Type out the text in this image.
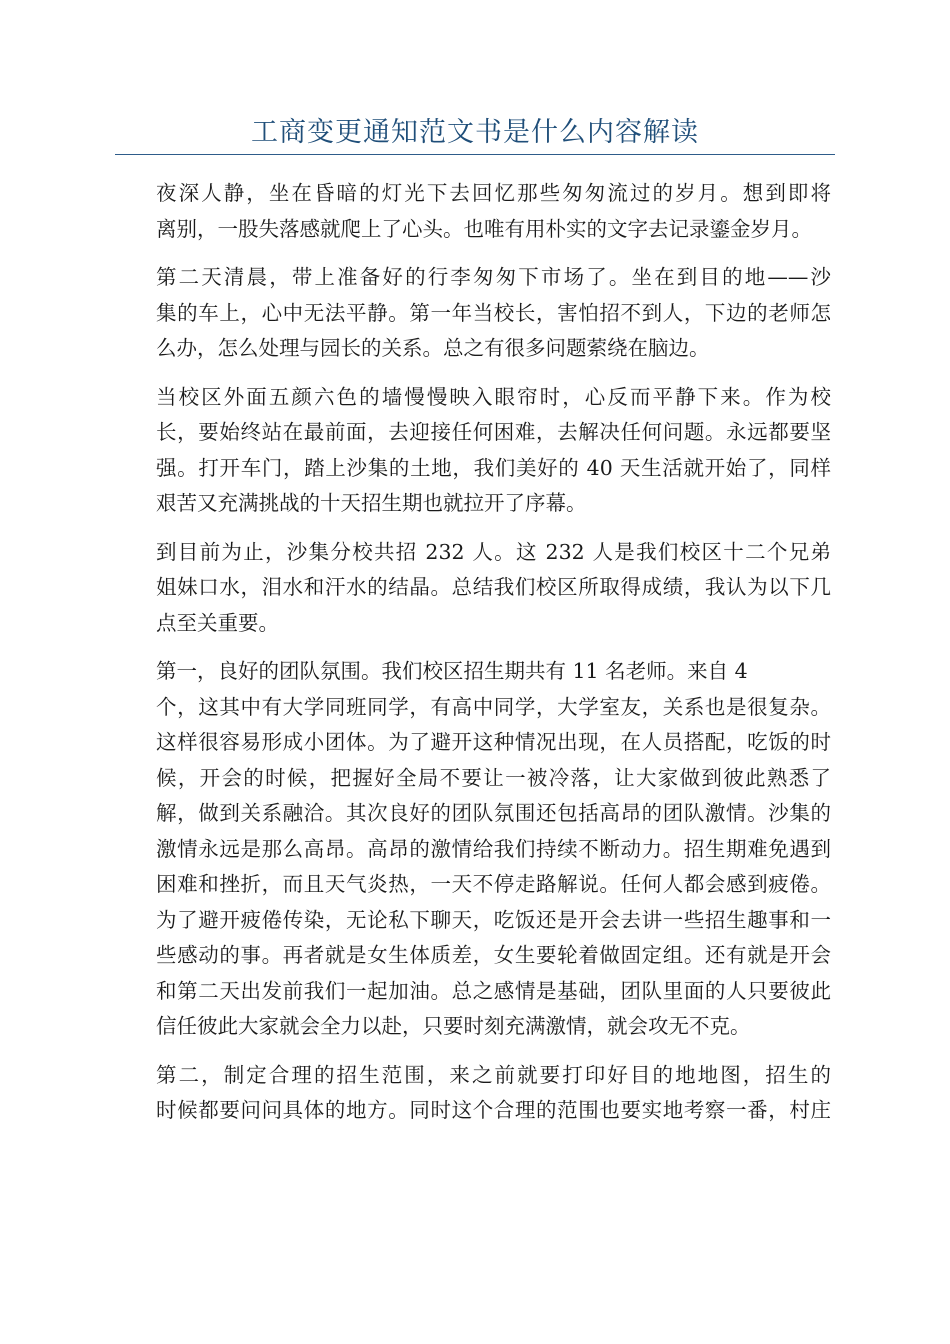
工商变更通知范文书是什么内容解读

夜深人静，坐在昏暗的灯光下去回忆那些匆匆流过的岁月。想到即将
离别，一股失落感就爬上了心头。也唯有用朴实的文字去记录鎏金岁月。

第二天清晨，带上准备好的行李匆匆下市场了。坐在到目的地——沙
集的车上，心中无法平静。第一年当校长，害怕招不到人，下边的老师怎
么办，怎么处理与园长的关系。总之有很多问题萦绕在脑边。

当校区外面五颜六色的墙慢慢映入眼帘时，心反而平静下来。作为校
长，要始终站在最前面，去迎接任何困难，去解决任何问题。永远都要坚
强。打开车门，踏上沙集的土地，我们美好的 40 天生活就开始了，同样
艰苦又充满挑战的十天招生期也就拉开了序幕。

到目前为止，沙集分校共招 232 人。这 232 人是我们校区十二个兄弟
姐妹口水，泪水和汗水的结晶。总结我们校区所取得成绩，我认为以下几
点至关重要。

第一，良好的团队氛围。我们校区招生期共有 11 名老师。来自 4
个，这其中有大学同班同学，有高中同学，大学室友，关系也是很复杂。
这样很容易形成小团体。为了避开这种情况出现，在人员搭配，吃饭的时
候，开会的时候，把握好全局不要让一被冷落，让大家做到彼此熟悉了
解，做到关系融洽。其次良好的团队氛围还包括高昂的团队激情。沙集的
激情永远是那么高昂。高昂的激情给我们持续不断动力。招生期难免遇到
困难和挫折，而且天气炎热，一天不停走路解说。任何人都会感到疲倦。
为了避开疲倦传染，无论私下聊天，吃饭还是开会去讲一些招生趣事和一
些感动的事。再者就是女生体质差，女生要轮着做固定组。还有就是开会
和第二天出发前我们一起加油。总之感情是基础，团队里面的人只要彼此
信任彼此大家就会全力以赴，只要时刻充满激情，就会攻无不克。

第二，制定合理的招生范围，来之前就要打印好目的地地图，招生的
时候都要问问具体的地方。同时这个合理的范围也要实地考察一番，村庄
